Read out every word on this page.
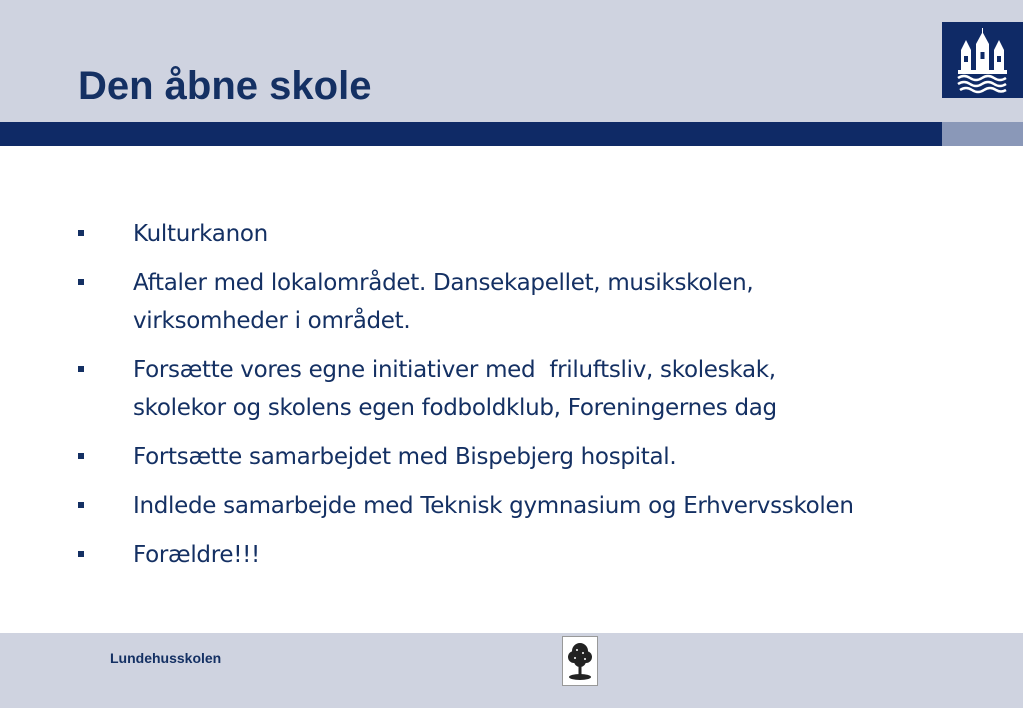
Den åbne skole
Kulturkanon
Aftaler med lokalområdet. Dansekapellet, musikskolen,
virksomheder i området.
Forsætte vores egne initiativer med  friluftsliv, skoleskak,
skolekor og skolens egen fodboldklub, Foreningernes dag
Fortsætte samarbejdet med Bispebjerg hospital.
Indlede samarbejde med Teknisk gymnasium og Erhvervsskolen
Forældre!!!
Lundehusskolen
